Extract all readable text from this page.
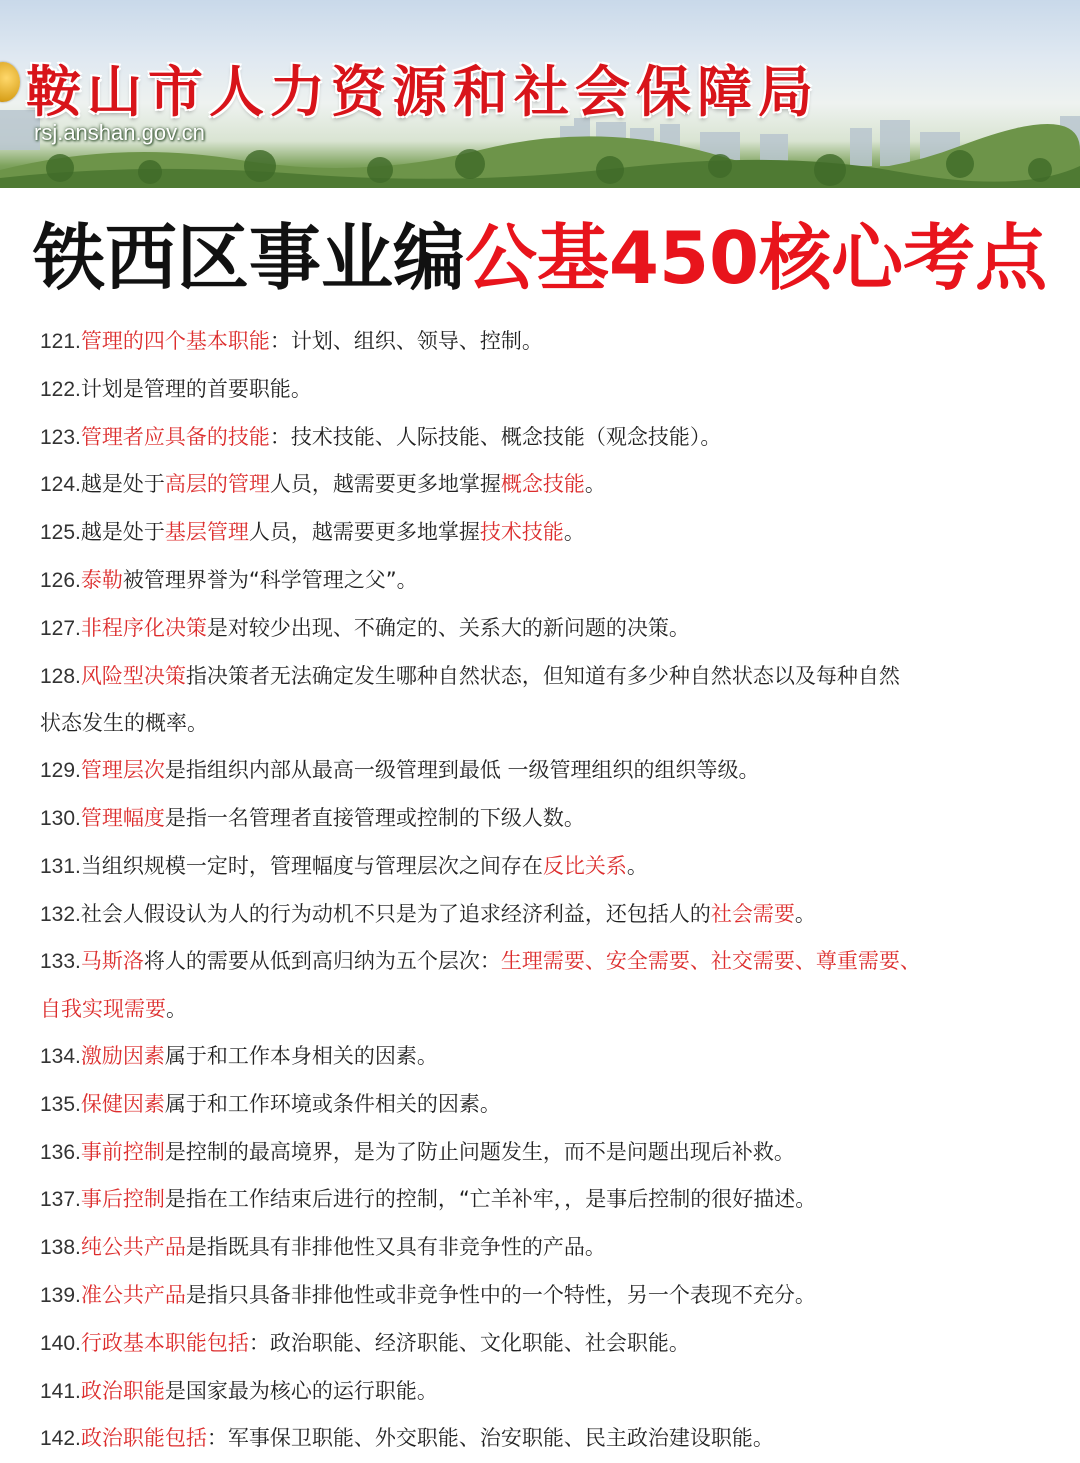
鞍山市人力资源和社会保障局
rsj.anshan.gov.cn
铁西区事业编公基450核心考点
121.管理的四个基本职能：计划、组织、领导、控制。
122.计划是管理的首要职能。
123.管理者应具备的技能：技术技能、人际技能、概念技能（观念技能）。
124.越是处于高层的管理人员，越需要更多地掌握概念技能。
125.越是处于基层管理人员，越需要更多地掌握技术技能。
126.泰勒被管理界誉为“科学管理之父”。
127.非程序化决策是对较少出现、不确定的、关系大的新问题的决策。
128.风险型决策指决策者无法确定发生哪种自然状态，但知道有多少种自然状态以及每种自然
状态发生的概率。
129.管理层次是指组织内部从最高一级管理到最低 一级管理组织的组织等级。
130.管理幅度是指一名管理者直接管理或控制的下级人数。
131.当组织规模一定时，管理幅度与管理层次之间存在反比关系。
132.社会人假设认为人的行为动机不只是为了追求经济利益，还包括人的社会需要。
133.马斯洛将人的需要从低到高归纳为五个层次：生理需要、安全需要、社交需要、尊重需要、
自我实现需要。
134.激励因素属于和工作本身相关的因素。
135.保健因素属于和工作环境或条件相关的因素。
136.事前控制是控制的最高境界，是为了防止问题发生，而不是问题出现后补救。
137.事后控制是指在工作结束后进行的控制，“亡羊补牢，，是事后控制的很好描述。
138.纯公共产品是指既具有非排他性又具有非竞争性的产品。
139.准公共产品是指只具备非排他性或非竞争性中的一个特性，另一个表现不充分。
140.行政基本职能包括：政治职能、经济职能、文化职能、社会职能。
141.政治职能是国家最为核心的运行职能。
142.政治职能包括：军事保卫职能、外交职能、治安职能、民主政治建设职能。
